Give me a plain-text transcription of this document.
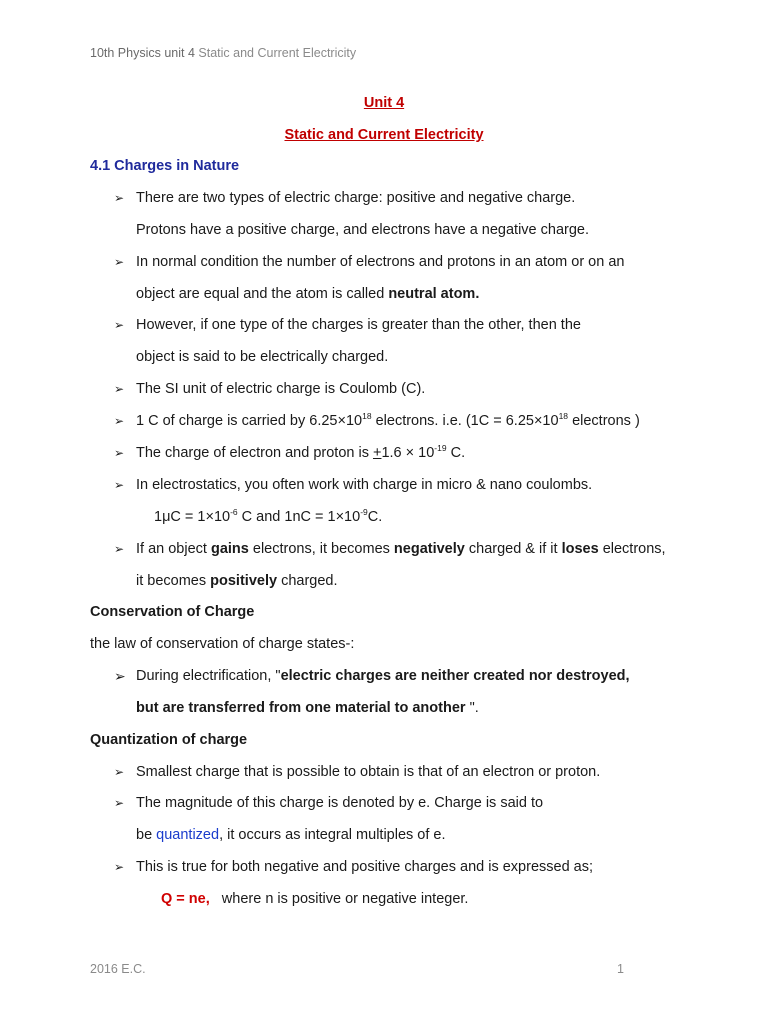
10th Physics unit 4 Static and Current Electricity
Unit 4
Static and Current Electricity
4.1 Charges in Nature
➢ There are two types of electric charge: positive and negative charge.
Protons have a positive charge, and electrons have a negative charge.
➢ In normal condition the number of electrons and protons in an atom or on an
object are equal and the atom is called neutral atom.
➢ However, if one type of the charges is greater than the other, then the
object is said to be electrically charged.
➢ The SI unit of electric charge is Coulomb (C).
➢ 1 C of charge is carried by $6.25\times 10^{18}$ electrons. i.e. ($1C = 6.25\times 10^{18}$ electrons )
➢ The charge of electron and proton is $+1.6 \times 10^{-19}$ C.
➢ In electrostatics, you often work with charge in micro & nano coulombs.
$1\mu C = 1\times 10^{-6}$ C and $1nC = 1\times 10^{-9}C$.
➢ If an object gains electrons, it becomes negatively charged & if it loses electrons,
it becomes positively charged.
Conservation of Charge
the law of conservation of charge states-:
➢ During electrification, "electric charges are neither created nor destroyed,
but are transferred from one material to another ".
Quantization of charge
➢ Smallest charge that is possible to obtain is that of an electron or proton.
➢ The magnitude of this charge is denoted by e. Charge is said to
be quantized, it occurs as integral multiples of e.
➢ This is true for both negative and positive charges and is expressed as;
Q = ne, where n is positive or negative integer.
2016 E.C.	1
